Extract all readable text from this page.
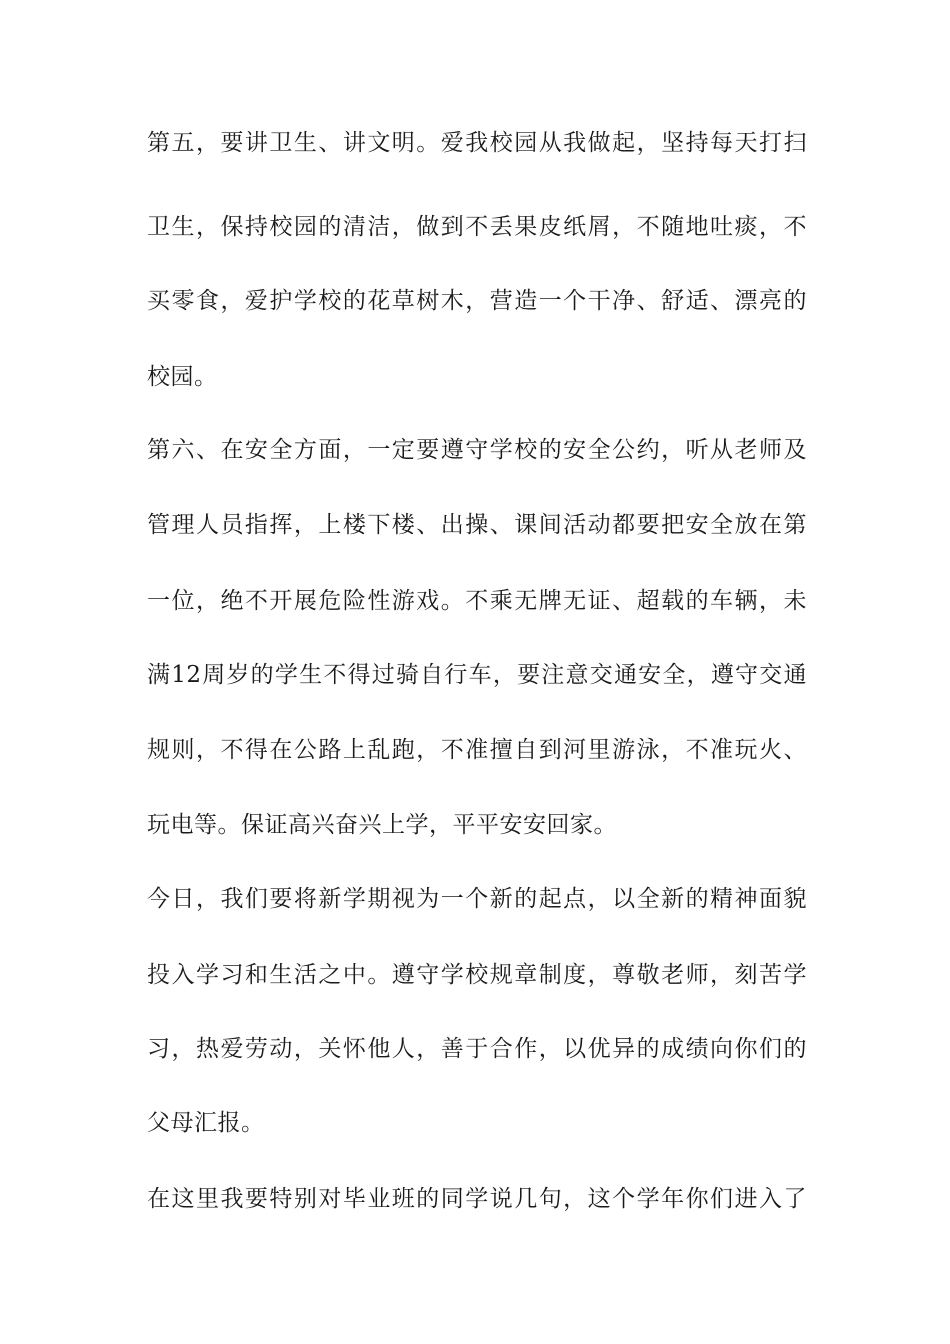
第五，要讲卫生、讲文明。爱我校园从我做起，坚持每天打扫
卫生，保持校园的清洁，做到不丢果皮纸屑，不随地吐痰，不
买零食，爱护学校的花草树木，营造一个干净、舒适、漂亮的
校园。
第六、在安全方面，一定要遵守学校的安全公约，听从老师及
管理人员指挥，上楼下楼、出操、课间活动都要把安全放在第
一位，绝不开展危险性游戏。不乘无牌无证、超载的车辆，未
满12周岁的学生不得过骑自行车，要注意交通安全，遵守交通
规则，不得在公路上乱跑，不准擅自到河里游泳，不准玩火、
玩电等。保证高兴奋兴上学，平平安安回家。
今日，我们要将新学期视为一个新的起点，以全新的精神面貌
投入学习和生活之中。遵守学校规章制度，尊敬老师，刻苦学
习，热爱劳动，关怀他人，善于合作，以优异的成绩向你们的
父母汇报。
在这里我要特别对毕业班的同学说几句，这个学年你们进入了
